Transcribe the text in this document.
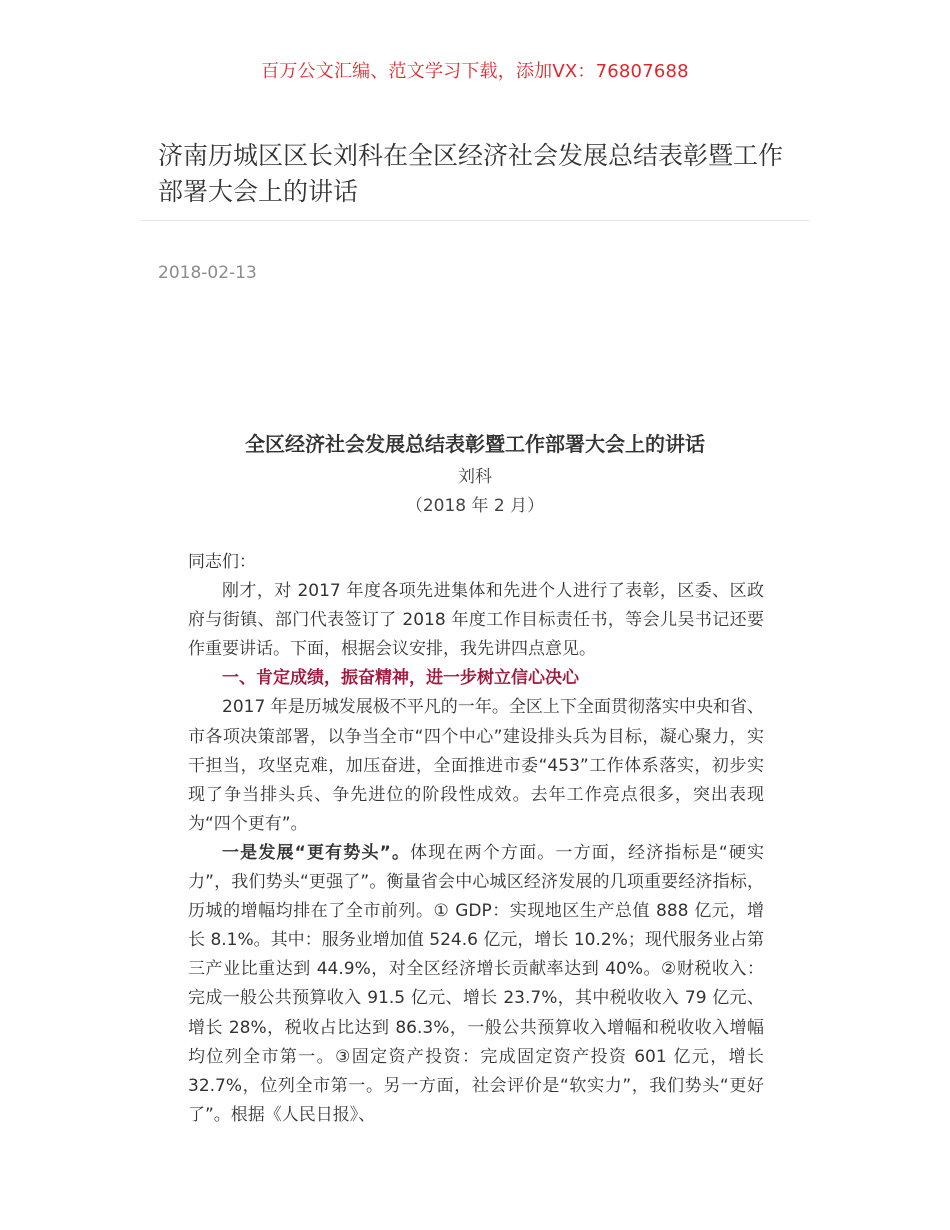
百万公文汇编、范文学习下载，添加VX：76807688
济南历城区区长刘科在全区经济社会发展总结表彰暨工作部署大会上的讲话
2018-02-13
全区经济社会发展总结表彰暨工作部署大会上的讲话
刘科
（2018 年 2 月）

同志们：

刚才，对 2017 年度各项先进集体和先进个人进行了表彰，区委、区政府与街镇、部门代表签订了 2018 年度工作目标责任书，等会儿吴书记还要作重要讲话。下面，根据会议安排，我先讲四点意见。

一、肯定成绩，振奋精神，进一步树立信心决心

2017 年是历城发展极不平凡的一年。全区上下全面贯彻落实中央和省、市各项决策部署，以争当全市“四个中心”建设排头兵为目标，凝心聚力，实干担当，攻坚克难，加压奋进，全面推进市委“453”工作体系落实，初步实现了争当排头兵、争先进位的阶段性成效。去年工作亮点很多，突出表现为“四个更有”。

一是发展“更有势头”。体现在两个方面。一方面，经济指标是“硬实力”，我们势头“更强了”。衡量省会中心城区经济发展的几项重要经济指标，历城的增幅均排在了全市前列。① GDP：实现地区生产总值 888 亿元，增长 8.1%。其中：服务业增加值 524.6 亿元，增长 10.2%；现代服务业占第三产业比重达到 44.9%，对全区经济增长贡献率达到 40%。②财税收入：完成一般公共预算收入 91.5 亿元、增长 23.7%，其中税收收入 79 亿元、增长 28%，税收占比达到 86.3%，一般公共预算收入增幅和税收收入增幅均位列全市第一。③固定资产投资：完成固定资产投资 601 亿元，增长 32.7%，位列全市第一。另一方面，社会评价是“软实力”，我们势头“更好了”。根据《人民日报》、
